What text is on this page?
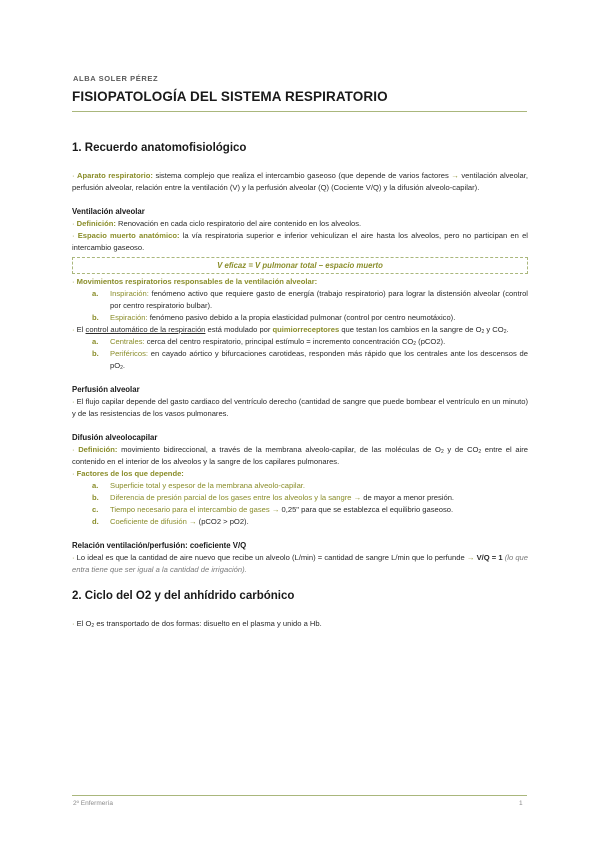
ALBA SOLER PÉREZ
FISIOPATOLOGÍA DEL SISTEMA RESPIRATORIO
1. Recuerdo anatomofisiológico

· Aparato respiratorio: sistema complejo que realiza el intercambio gaseoso (que depende de varios factores → ventilación alveolar, perfusión alveolar, relación entre la ventilación (V) y la perfusión alveolar (Q) (Cociente V/Q) y la difusión alveolo-capilar).

Ventilación alveolar

· Definición: Renovación en cada ciclo respiratorio del aire contenido en los alveolos.

· Espacio muerto anatómico: la vía respiratoria superior e inferior vehiculizan el aire hasta los alveolos, pero no participan en el intercambio gaseoso.

V eficaz = V pulmonar total – espacio muerto

· Movimientos respiratorios responsables de la ventilación alveolar:

a. Inspiración: fenómeno activo que requiere gasto de energía (trabajo respiratorio) para lograr la distensión alveolar (control por centro respiratorio bulbar).
b. Espiración: fenómeno pasivo debido a la propia elasticidad pulmonar (control por centro neumotáxico).

· El control automático de la respiración está modulado por quimiorreceptores que testan los cambios en la sangre de $O_2$ y $CO_2$.

a. Centrales: cerca del centro respiratorio, principal estímulo = incremento concentración $CO_2$ (pCO2).
b. Periféricos: en cayado aórtico y bifurcaciones carotideas, responden más rápido que los centrales ante los descensos de $pO_2$.
Perfusión alveolar

· El flujo capilar depende del gasto cardiaco del ventrículo derecho (cantidad de sangre que puede bombear el ventrículo en un minuto) y de las resistencias de los vasos pulmonares.

Difusión alveolocapilar

· Definición: movimiento bidireccional, a través de la membrana alveolo-capilar, de las moléculas de $O_2$ y de $CO_2$ entre el aire contenido en el interior de los alveolos y la sangre de los capilares pulmonares.

· Factores de los que depende:

a. Superficie total y espesor de la membrana alveolo-capilar.
b. Diferencia de presión parcial de los gases entre los alveolos y la sangre → de mayor a menor presión.
c. Tiempo necesario para el intercambio de gases → 0,25" para que se establezca el equilibrio gaseoso.
d. Coeficiente de difusión → (pCO2 > pO2).
Relación ventilación/perfusión: coeficiente V/Q

· Lo ideal es que la cantidad de aire nuevo que recibe un alveolo (L/min) = cantidad de sangre L/min que lo perfunde → V/Q = 1 (lo que entra tiene que ser igual a la cantidad de irrigación).

2. Ciclo del O2 y del anhídrido carbónico

· El $O_2$ es transportado de dos formas: disuelto en el plasma y unido a Hb.

2º Enfermería	1
